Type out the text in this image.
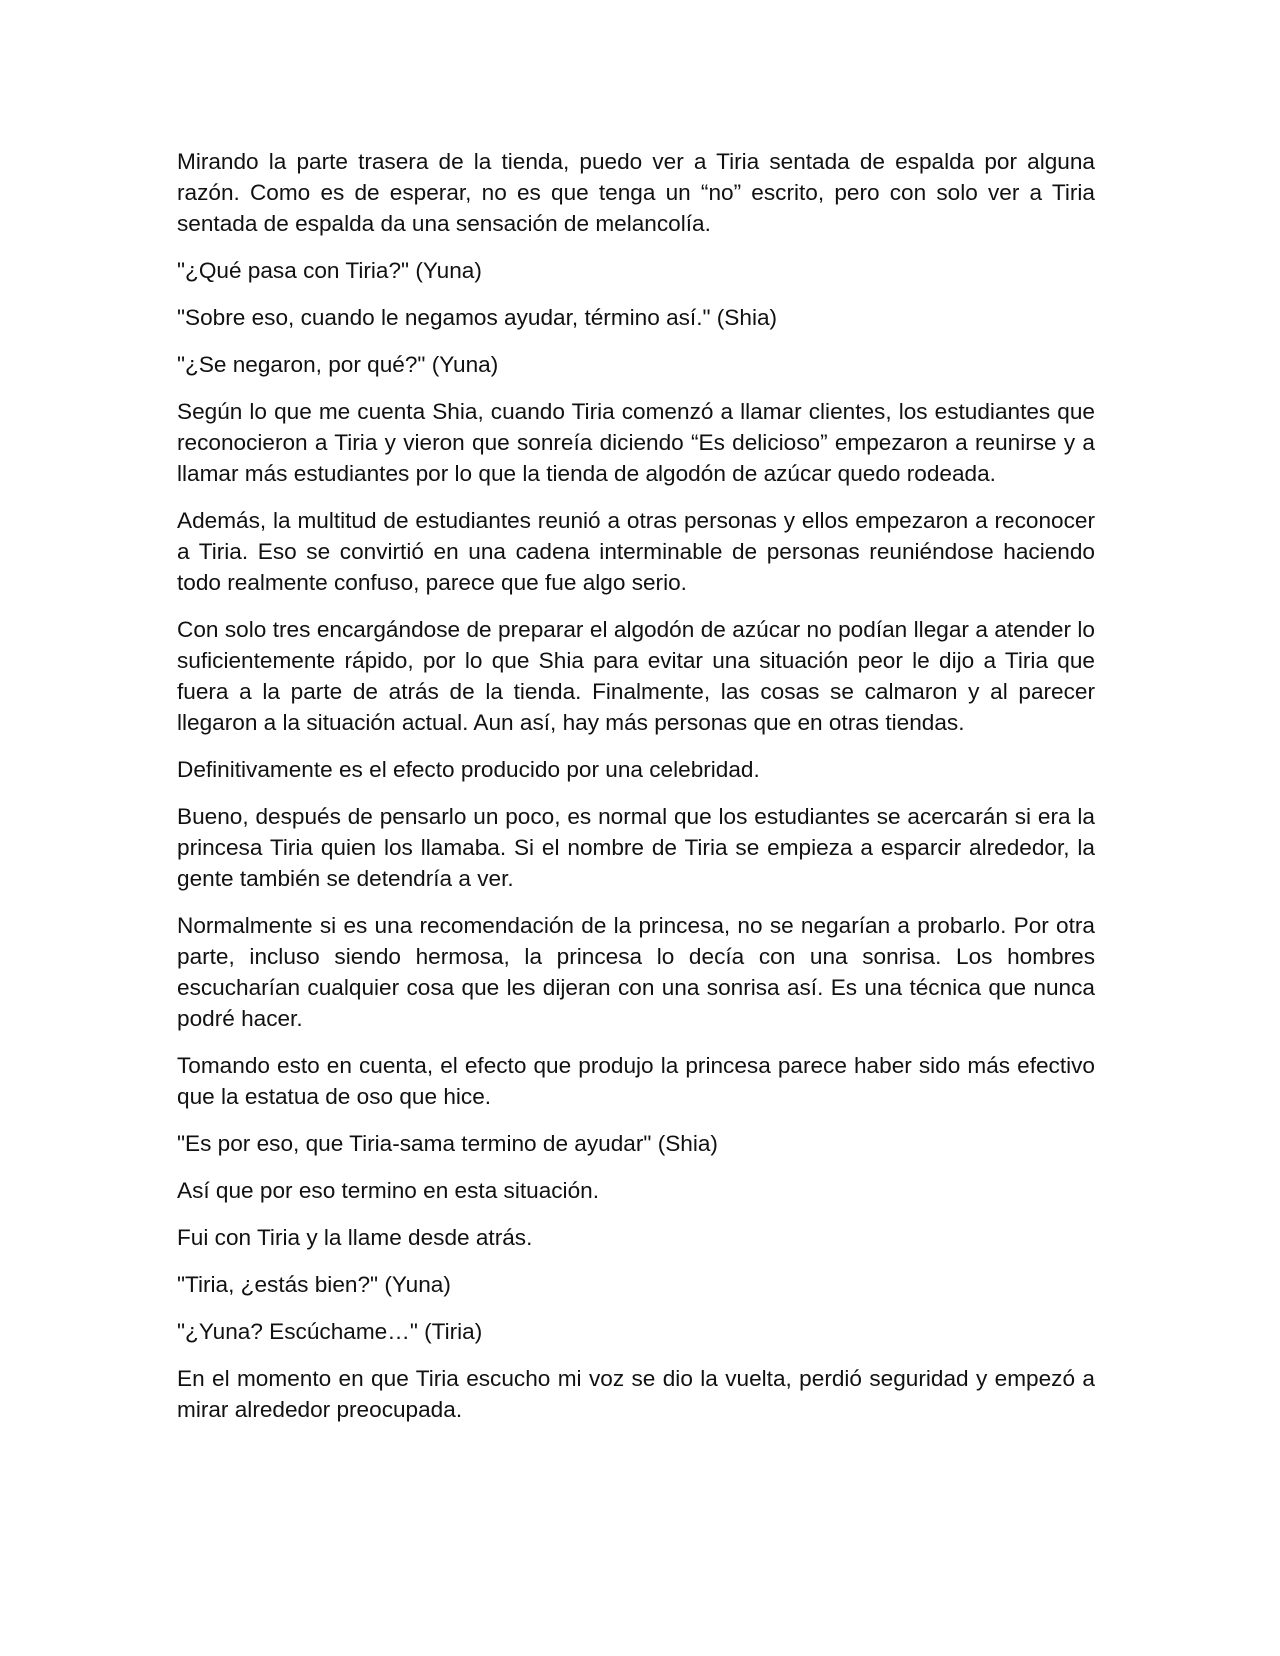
Mirando la parte trasera de la tienda, puedo ver a Tiria sentada de espalda por alguna razón. Como es de esperar, no es que tenga un “no” escrito, pero con solo ver a Tiria sentada de espalda da una sensación de melancolía.

"¿Qué pasa con Tiria?" (Yuna)

"Sobre eso, cuando le negamos ayudar, término así." (Shia)

"¿Se negaron, por qué?" (Yuna)

Según lo que me cuenta Shia, cuando Tiria comenzó a llamar clientes, los estudiantes que reconocieron a Tiria y vieron que sonreía diciendo “Es delicioso” empezaron a reunirse y a llamar más estudiantes por lo que la tienda de algodón de azúcar quedo rodeada.

Además, la multitud de estudiantes reunió a otras personas y ellos empezaron a reconocer a Tiria. Eso se convirtió en una cadena interminable de personas reuniéndose haciendo todo realmente confuso, parece que fue algo serio.

Con solo tres encargándose de preparar el algodón de azúcar no podían llegar a atender lo suficientemente rápido, por lo que Shia para evitar una situación peor le dijo a Tiria que fuera a la parte de atrás de la tienda. Finalmente, las cosas se calmaron y al parecer llegaron a la situación actual. Aun así, hay más personas que en otras tiendas.

Definitivamente es el efecto producido por una celebridad.

Bueno, después de pensarlo un poco, es normal que los estudiantes se acercarán si era la princesa Tiria quien los llamaba. Si el nombre de Tiria se empieza a esparcir alrededor, la gente también se detendría a ver.

Normalmente si es una recomendación de la princesa, no se negarían a probarlo. Por otra parte, incluso siendo hermosa, la princesa lo decía con una sonrisa. Los hombres escucharían cualquier cosa que les dijeran con una sonrisa así. Es una técnica que nunca podré hacer.

Tomando esto en cuenta, el efecto que produjo la princesa parece haber sido más efectivo que la estatua de oso que hice.

"Es por eso, que Tiria-sama termino de ayudar" (Shia)

Así que por eso termino en esta situación.

Fui con Tiria y la llame desde atrás.

"Tiria, ¿estás bien?" (Yuna)

"¿Yuna? Escúchame…" (Tiria)

En el momento en que Tiria escucho mi voz se dio la vuelta, perdió seguridad y empezó a mirar alrededor preocupada.
